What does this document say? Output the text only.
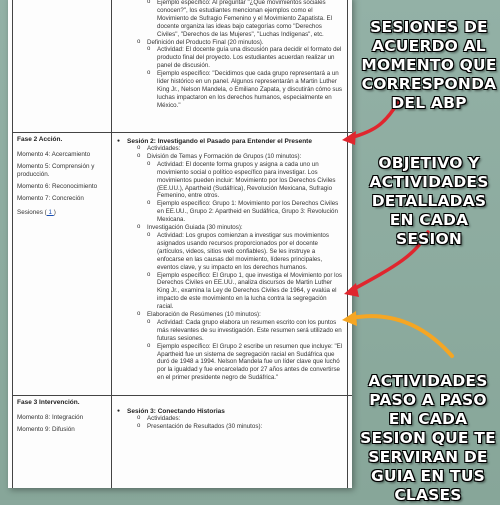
o Ejemplo específico: Al preguntar "¿Qué movimientos sociales conocen?", los estudiantes mencionan ejemplos como el Movimiento de Sufragio Femenino y el Movimiento Zapatista. El docente organiza las ideas bajo categorías como "Derechos Civiles", "Derechos de las Mujeres", "Luchas Indígenas", etc.
o Definición del Producto Final (20 minutos).
o Actividad: El docente guía una discusión para decidir el formato del producto final del proyecto. Los estudiantes acuerdan realizar un panel de discusión.
o Ejemplo específico: "Decidimos que cada grupo representará a un líder histórico en un panel. Algunos representarán a Martin Luther King Jr., Nelson Mandela, o Emiliano Zapata, y discutirán cómo sus luchas impactaron en los derechos humanos, especialmente en México."
Fase 2 Acción.
Momento 4: Acercamiento
Momento 5: Comprensión y producción.
Momento 6: Reconocimiento
Momento 7: Concreción
Sesiones ( 1 )
● Sesión 2: Investigando el Pasado para Entender el Presente
o Actividades:
o División de Temas y Formación de Grupos (10 minutos):
o Actividad: El docente forma grupos y asigna a cada uno un movimiento social o político específico para investigar. Los movimientos pueden incluir: Movimiento por los Derechos Civiles (EE.UU.), Apartheid (Sudáfrica), Revolución Mexicana, Sufragio Femenino, entre otros.
o Ejemplo específico: Grupo 1: Movimiento por los Derechos Civiles en EE.UU., Grupo 2: Apartheid en Sudáfrica, Grupo 3: Revolución Mexicana.
o Investigación Guiada (30 minutos):
o Actividad: Los grupos comienzan a investigar sus movimientos asignados usando recursos proporcionados por el docente (artículos, videos, sitios web confiables). Se les instruye a enfocarse en las causas del movimiento, líderes principales, eventos clave, y su impacto en los derechos humanos.
o Ejemplo específico: El Grupo 1, que investiga el Movimiento por los Derechos Civiles en EE.UU., analiza discursos de Martin Luther King Jr., examina la Ley de Derechos Civiles de 1964, y evalúa el impacto de este movimiento en la lucha contra la segregación racial.
o Elaboración de Resúmenes (10 minutos):
o Actividad: Cada grupo elabora un resumen escrito con los puntos más relevantes de su investigación. Este resumen será utilizado en futuras sesiones.
o Ejemplo específico: El Grupo 2 escribe un resumen que incluye: "El Apartheid fue un sistema de segregación racial en Sudáfrica que duró de 1948 a 1994. Nelson Mandela fue un líder clave que luchó por la igualdad y fue encarcelado por 27 años antes de convertirse en el primer presidente negro de Sudáfrica."
Fase 3 Intervención.
Momento 8: Integración
Momento 9: Difusión
● Sesión 3: Conectando Historias
o Actividades:
o Presentación de Resultados (30 minutos):
SESIONES DE ACUERDO AL MOMENTO QUE CORRESPONDA DEL ABP
OBJETIVO Y ACTIVIDADES DETALLADAS EN CADA SESION
ACTIVIDADES PASO A PASO EN CADA SESION QUE TE SERVIRAN DE GUIA EN TUS CLASES
